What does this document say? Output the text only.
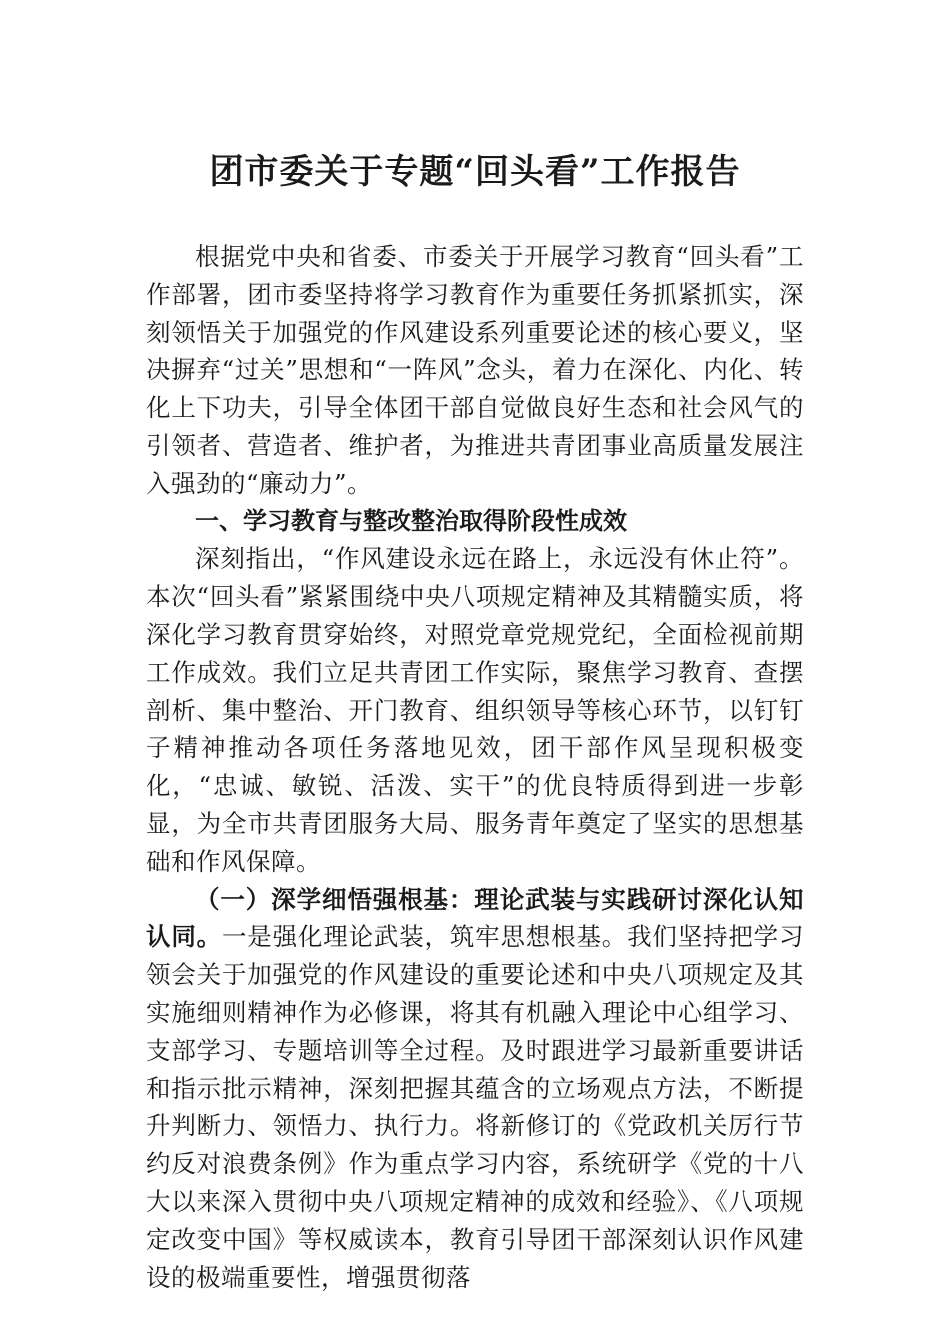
团市委关于专题“回头看”工作报告

根据党中央和省委、市委关于开展学习教育“回头看”工作部署，团市委坚持将学习教育作为重要任务抓紧抓实，深刻领悟关于加强党的作风建设系列重要论述的核心要义，坚决摒弃“过关”思想和“一阵风”念头，着力在深化、内化、转化上下功夫，引导全体团干部自觉做良好生态和社会风气的引领者、营造者、维护者，为推进共青团事业高质量发展注入强劲的“廉动力”。

一、学习教育与整改整治取得阶段性成效

深刻指出，“作风建设永远在路上，永远没有休止符”。本次“回头看”紧紧围绕中央八项规定精神及其精髓实质，将深化学习教育贯穿始终，对照党章党规党纪，全面检视前期工作成效。我们立足共青团工作实际，聚焦学习教育、查摆剖析、集中整治、开门教育、组织领导等核心环节，以钉钉子精神推动各项任务落地见效，团干部作风呈现积极变化，“忠诚、敏锐、活泼、实干”的优良特质得到进一步彰显，为全市共青团服务大局、服务青年奠定了坚实的思想基础和作风保障。

（一）深学细悟强根基：理论武装与实践研讨深化认知认同。一是强化理论武装，筑牢思想根基。我们坚持把学习领会关于加强党的作风建设的重要论述和中央八项规定及其实施细则精神作为必修课，将其有机融入理论中心组学习、支部学习、专题培训等全过程。及时跟进学习最新重要讲话和指示批示精神，深刻把握其蕴含的立场观点方法，不断提升判断力、领悟力、执行力。将新修订的《党政机关厉行节约反对浪费条例》作为重点学习内容，系统研学《党的十八大以来深入贯彻中央八项规定精神的成效和经验》、《八项规定改变中国》等权威读本，教育引导团干部深刻认识作风建设的极端重要性，增强贯彻落
